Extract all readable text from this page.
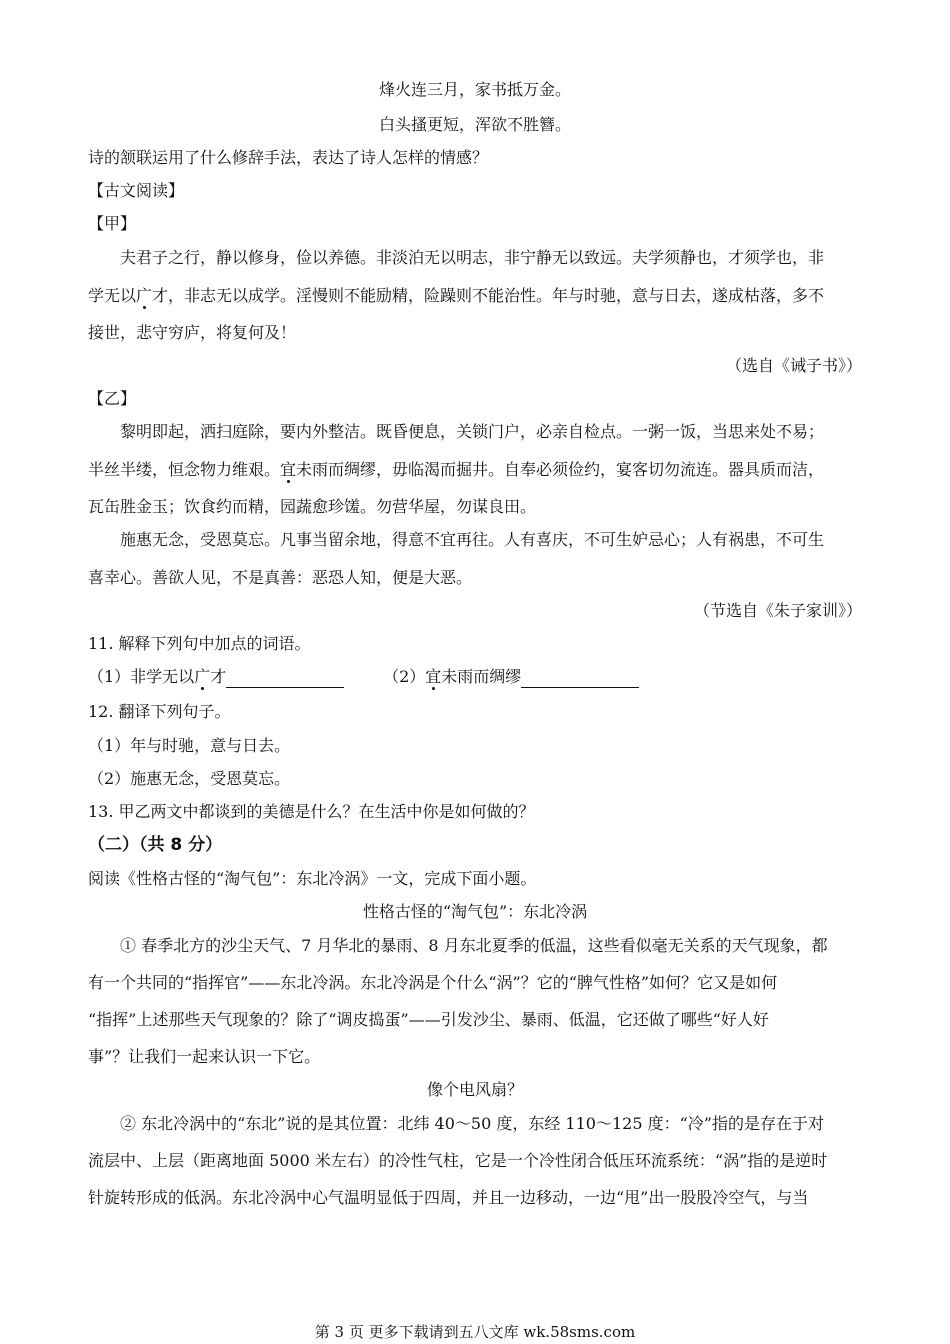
烽火连三月，家书抵万金。
白头搔更短，浑欲不胜簪。
诗的颔联运用了什么修辞手法，表达了诗人怎样的情感？
【古文阅读】
【甲】
夫君子之行，静以修身，俭以养德。非淡泊无以明志，非宁静无以致远。夫学须静也，才须学也，非
学无以广才，非志无以成学。淫慢则不能励精，险躁则不能治性。年与时驰，意与日去，遂成枯落，多不
接世，悲守穷庐，将复何及！
（选自《诫子书》）
【乙】
黎明即起，洒扫庭除，要内外整洁。既昏便息，关锁门户，必亲自检点。一粥一饭，当思来处不易；
半丝半缕，恒念物力维艰。宜未雨而绸缪，毋临渴而掘井。自奉必须俭约，宴客切勿流连。器具质而洁，
瓦缶胜金玉；饮食约而精，园蔬愈珍馐。勿营华屋，勿谋良田。
施惠无念，受恩莫忘。凡事当留余地，得意不宜再往。人有喜庆，不可生妒忌心；人有祸患，不可生
喜幸心。善欲人见，不是真善：恶恐人知，便是大恶。
（节选自《朱子家训》）
11. 解释下列句中加点的词语。
（1）非学无以广才	（2）宜未雨而绸缪
12. 翻译下列句子。
（1）年与时驰，意与日去。
（2）施惠无念，受恩莫忘。
13. 甲乙两文中都谈到的美德是什么？在生活中你是如何做的？
（二）（共 8 分）
阅读《性格古怪的“淘气包”：东北冷涡》一文，完成下面小题。
性格古怪的“淘气包”：东北冷涡
① 春季北方的沙尘天气、7 月华北的暴雨、8 月东北夏季的低温，这些看似毫无关系的天气现象，都
有一个共同的“指挥官”——东北冷涡。东北冷涡是个什么“涡”？它的“脾气性格”如何？它又是如何
“指挥”上述那些天气现象的？除了“调皮捣蛋”——引发沙尘、暴雨、低温，它还做了哪些“好人好
事”？让我们一起来认识一下它。
像个电风扇？
② 东北冷涡中的“东北”说的是其位置：北纬 40～50 度，东经 110～125 度：“冷”指的是存在于对
流层中、上层（距离地面 5000 米左右）的冷性气柱，它是一个冷性闭合低压环流系统：“涡”指的是逆时
针旋转形成的低涡。东北冷涡中心气温明显低于四周，并且一边移动，一边“甩”出一股股冷空气，与当
第 3 页 更多下载请到五八文库 wk.58sms.com
